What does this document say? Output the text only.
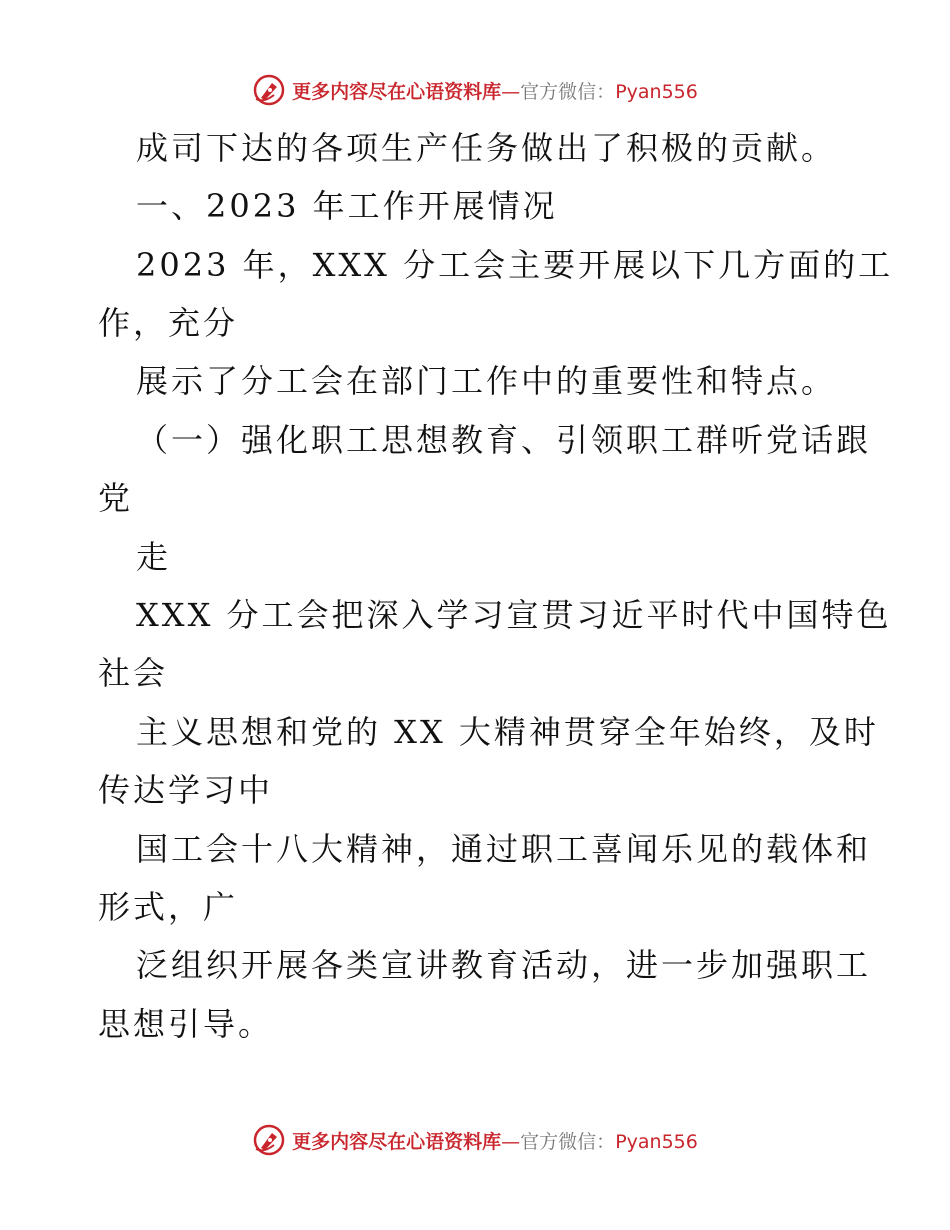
更多内容尽在心语资料库—官方微信：Pyan556
成司下达的各项生产任务做出了积极的贡献。
一、2023 年工作开展情况
2023 年，XXX 分工会主要开展以下几方面的工
作，充分
展示了分工会在部门工作中的重要性和特点。
（一）强化职工思想教育、引领职工群听党话跟
党
走
XXX 分工会把深入学习宣贯习近平时代中国特色
社会
主义思想和党的 XX 大精神贯穿全年始终，及时
传达学习中
国工会十八大精神，通过职工喜闻乐见的载体和
形式，广
泛组织开展各类宣讲教育活动，进一步加强职工
思想引导。
更多内容尽在心语资料库—官方微信：Pyan556
